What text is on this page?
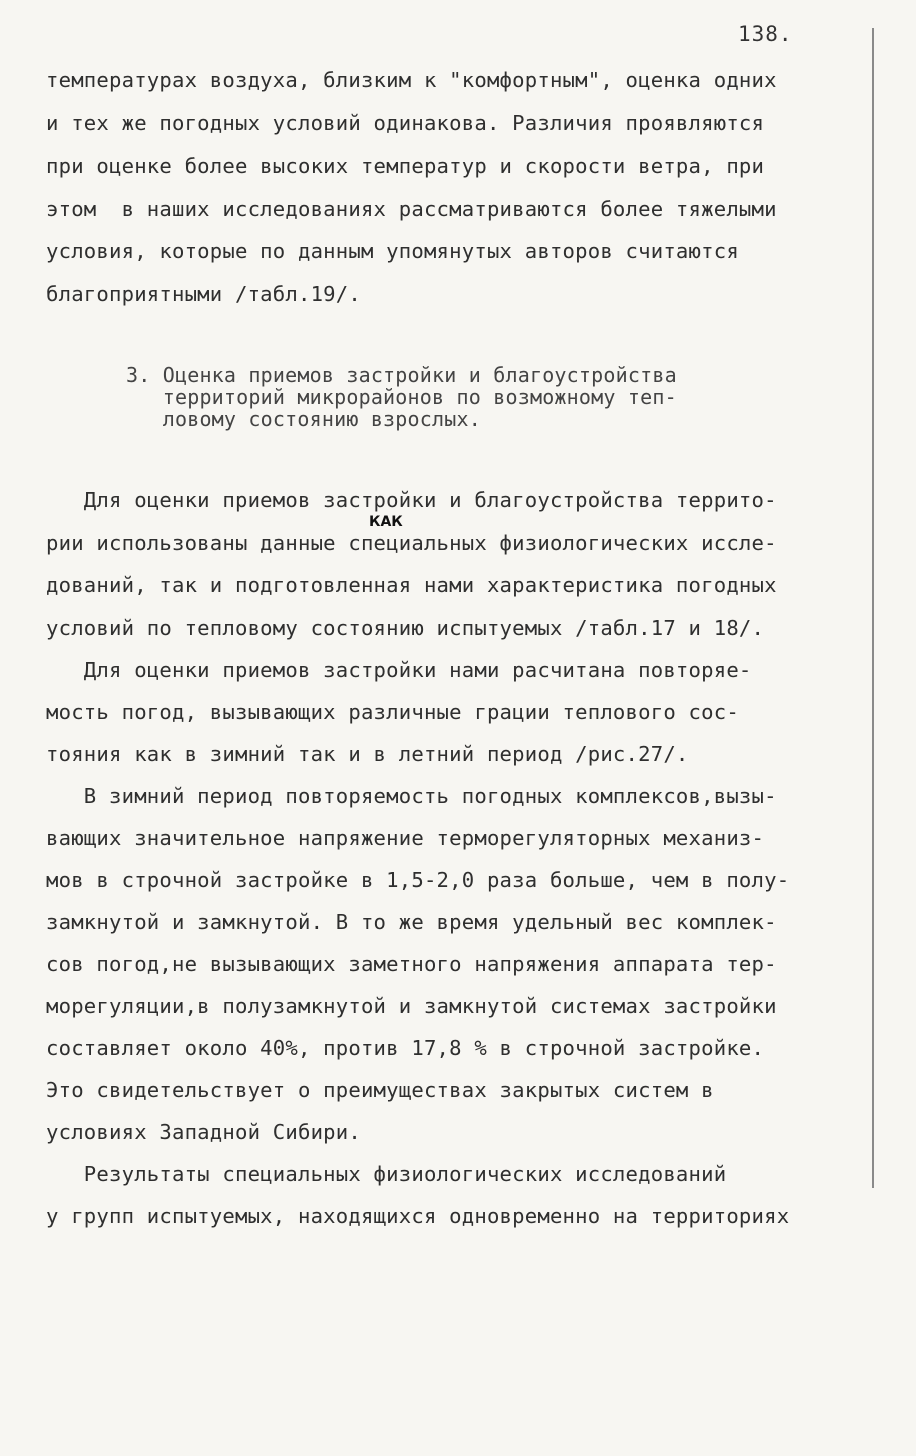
138.
температурах воздуха, близким к "комфортным", оценка одних
и тех же погодных условий одинакова. Различия проявляются
при оценке более высоких температур и скорости ветра, при
этом  в наших исследованиях рассматриваются более тяжелыми
условия, которые по данным упомянутых авторов считаются
благоприятными /табл.19/.
3. Оценка приемов застройки и благоустройства
территорий микрорайонов по возможному теп-
ловому состоянию взрослых.
КАК
Для оценки приемов застройки и благоустройства террито-
рии использованы данные специальных физиологических иссле-
дований, так и подготовленная нами характеристика погодных
условий по тепловому состоянию испытуемых /табл.17 и 18/.
Для оценки приемов застройки нами расчитана повторяе-
мость погод, вызывающих различные грации теплового сос-
тояния как в зимний так и в летний период /рис.27/.
В зимний период повторяемость погодных комплексов,вызы-
вающих значительное напряжение терморегуляторных механиз-
мов в строчной застройке в 1,5-2,0 раза больше, чем в полу-
замкнутой и замкнутой. В то же время удельный вес комплек-
сов погод,не вызывающих заметного напряжения аппарата тер-
морегуляции,в полузамкнутой и замкнутой системах застройки
составляет около 40%, против 17,8 % в строчной застройке.
Это свидетельствует о преимуществах закрытых систем в
условиях Западной Сибири.
Результаты специальных физиологических исследований
у групп испытуемых, находящихся одновременно на территориях
